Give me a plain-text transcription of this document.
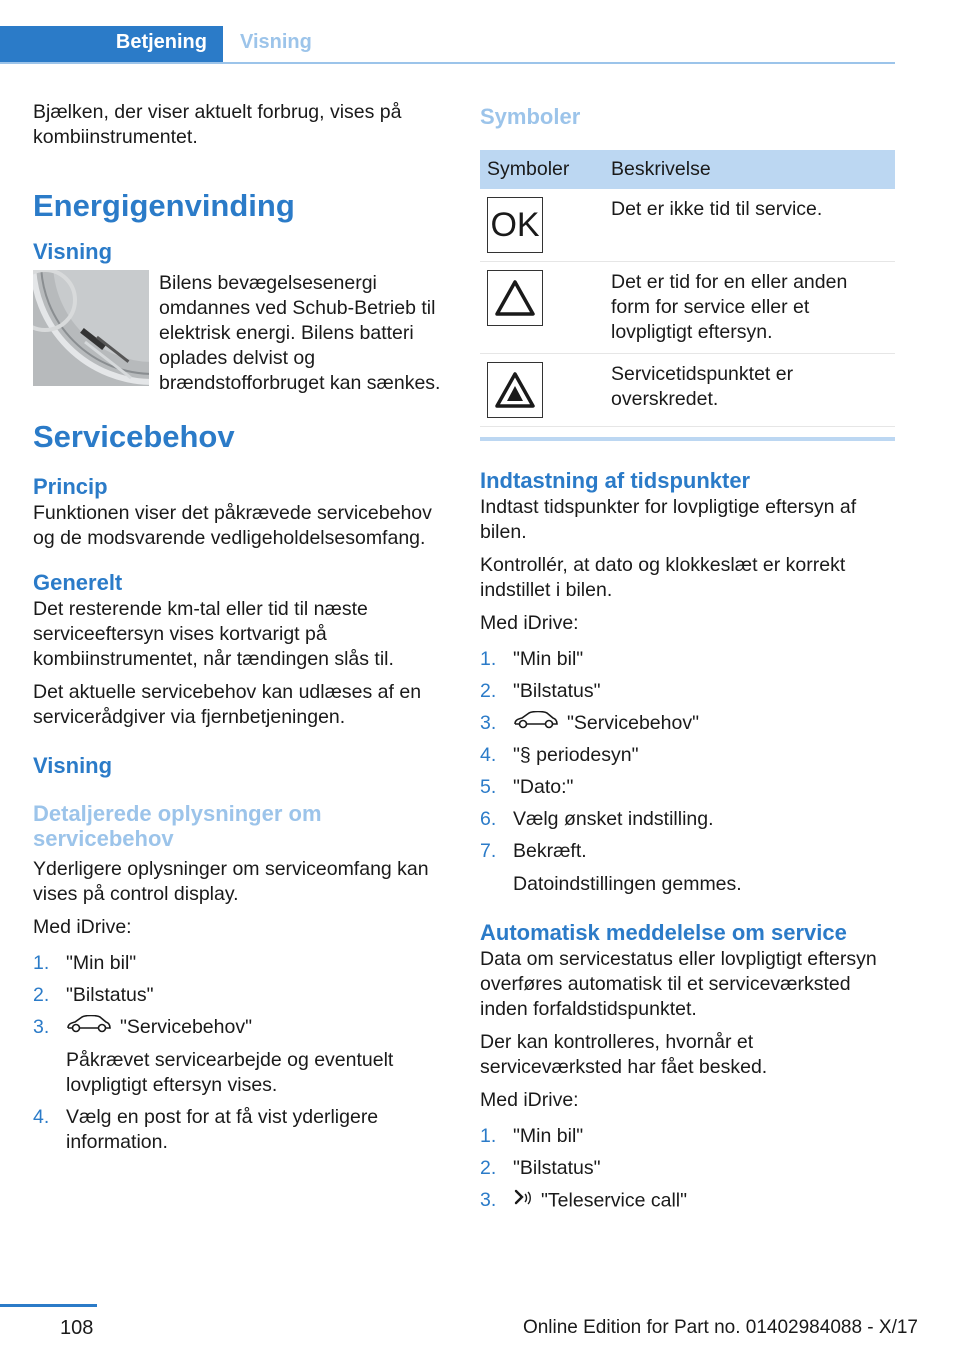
Betjening Visning

Bjælken, der viser aktuelt forbrug, vises på kombiinstrumentet.

Energigenvinding
Visning

Bilens bevægelsesenergi omdannes ved Schub-Betrieb til elektrisk energi. Bilens batteri oplades delvist og brændstofforbruget kan sænkes.

Servicebehov
Princip

Funktionen viser det påkrævede servicebehov og de modsvarende vedligeholdelsesomfang.

Generelt

Det resterende km-tal eller tid til næste serviceeftersyn vises kortvarigt på kombiinstrumentet, når tændingen slås til.

Det aktuelle servicebehov kan udlæses af en servicerådgiver via fjernbetjeningen.

Visning
Detaljerede oplysninger om servicebehov

Yderligere oplysninger om serviceomfang kan vises på control display.

Med iDrive:

1. "Min bil"
2. "Bilstatus"
3.	"Servicebehov"
Påkrævet servicearbejde og eventuelt lovpligtigt eftersyn vises.
4. Vælg en post for at få vist yderligere information.
Symboler
Symboler	Beskrivelse

OK	Det er ikke tid til service.

	Det er tid for en eller anden form for service eller et lovpligtigt eftersyn.

	Servicetidspunktet er overskredet.
Indtastning af tidspunkter

Indtast tidspunkter for lovpligtige eftersyn af bilen.

Kontrollér, at dato og klokkeslæt er korrekt indstillet i bilen.

Med iDrive:

1. "Min bil"
2. "Bilstatus"
3.	"Servicebehov"
4. "§ periodesyn"
5. "Dato:"
6. Vælg ønsket indstilling.
7. Bekræft.
Datoindstillingen gemmes.
Automatisk meddelelse om service

Data om servicestatus eller lovpligtigt eftersyn overføres automatisk til et serviceværksted inden forfaldstidspunktet.

Der kan kontrolleres, hvornår et serviceværksted har fået besked.

Med iDrive:

1. "Min bil"
2. "Bilstatus"
3. "Teleservice call"
108	Online Edition for Part no. 01402984088 - X/17
